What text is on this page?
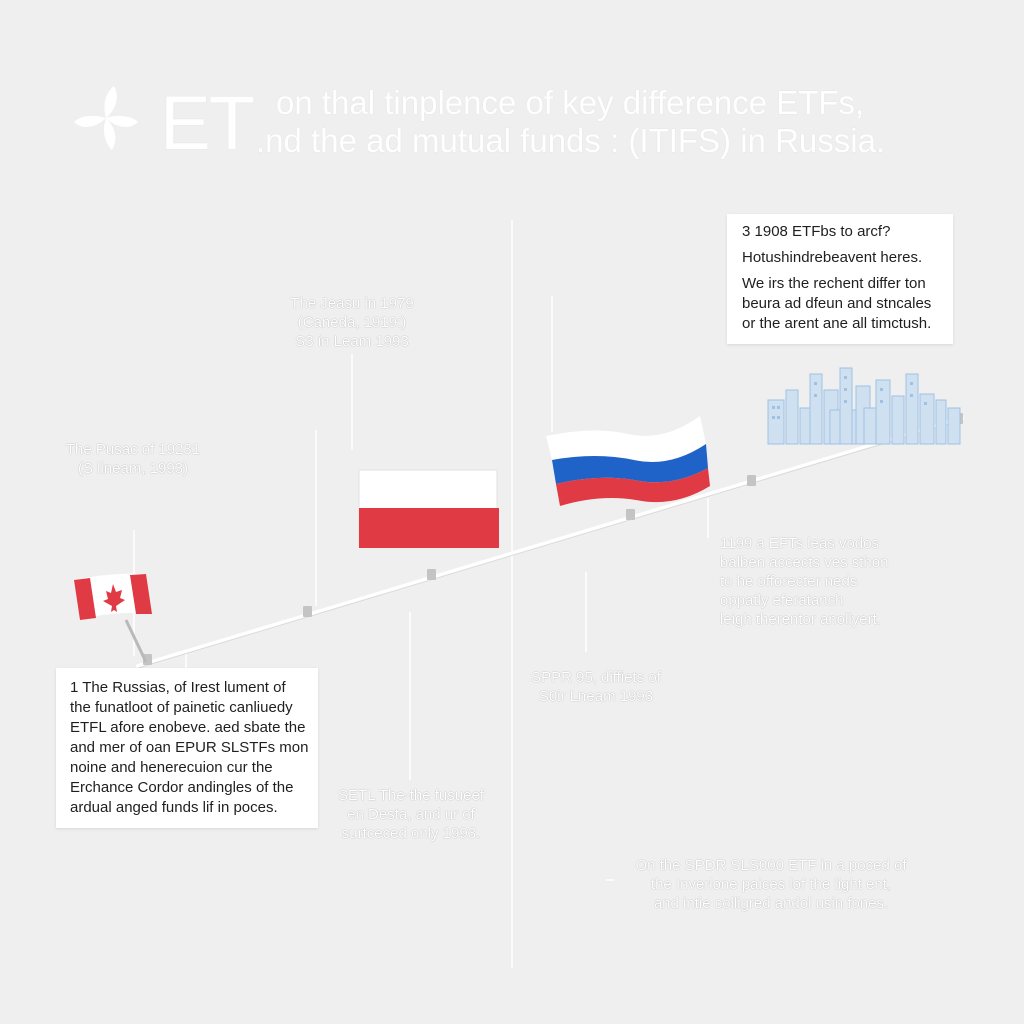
ET on thal tinplence of key difference ETFs,
.nd the ad mutual funds : (ITIFS) in Russia.
3 1908 ETFbs to arcf?
Hotushindrebeavent heres.
We irs the rechent differ ton
beura ad dfeun and stncales
or the arent ane all timctush.
1 The Russias, of Irest lument of
the funatloot of painetic canliuedy
ETFL afore enobeve. aed sbate the
and mer of oan EPUR SLSTFs mon
noine and henerecuion cur the
Erchance Cordor andingles of the
ardual anged funds lif in poces.
The Pusac of 19231
(S lineam, 1993)
The Jeasu in 1979
(Caneda, 1919:)
S3 in Leam 1993
SPPR 95, diffiets of
S0ir Lneam 1993
SETL The-the fusueef
en Desta, and ur of
surtceced only 1993.
1199 a EFTs leas vodos
balben accects ves sthon
to he offorecter neds
oppatly eferatanch
leigh therentor anollyert.
On the SPDR SLS000 ETF in a poced of
the Inverlone paices lof the light ent,
and intie colligred andol usin fones.
